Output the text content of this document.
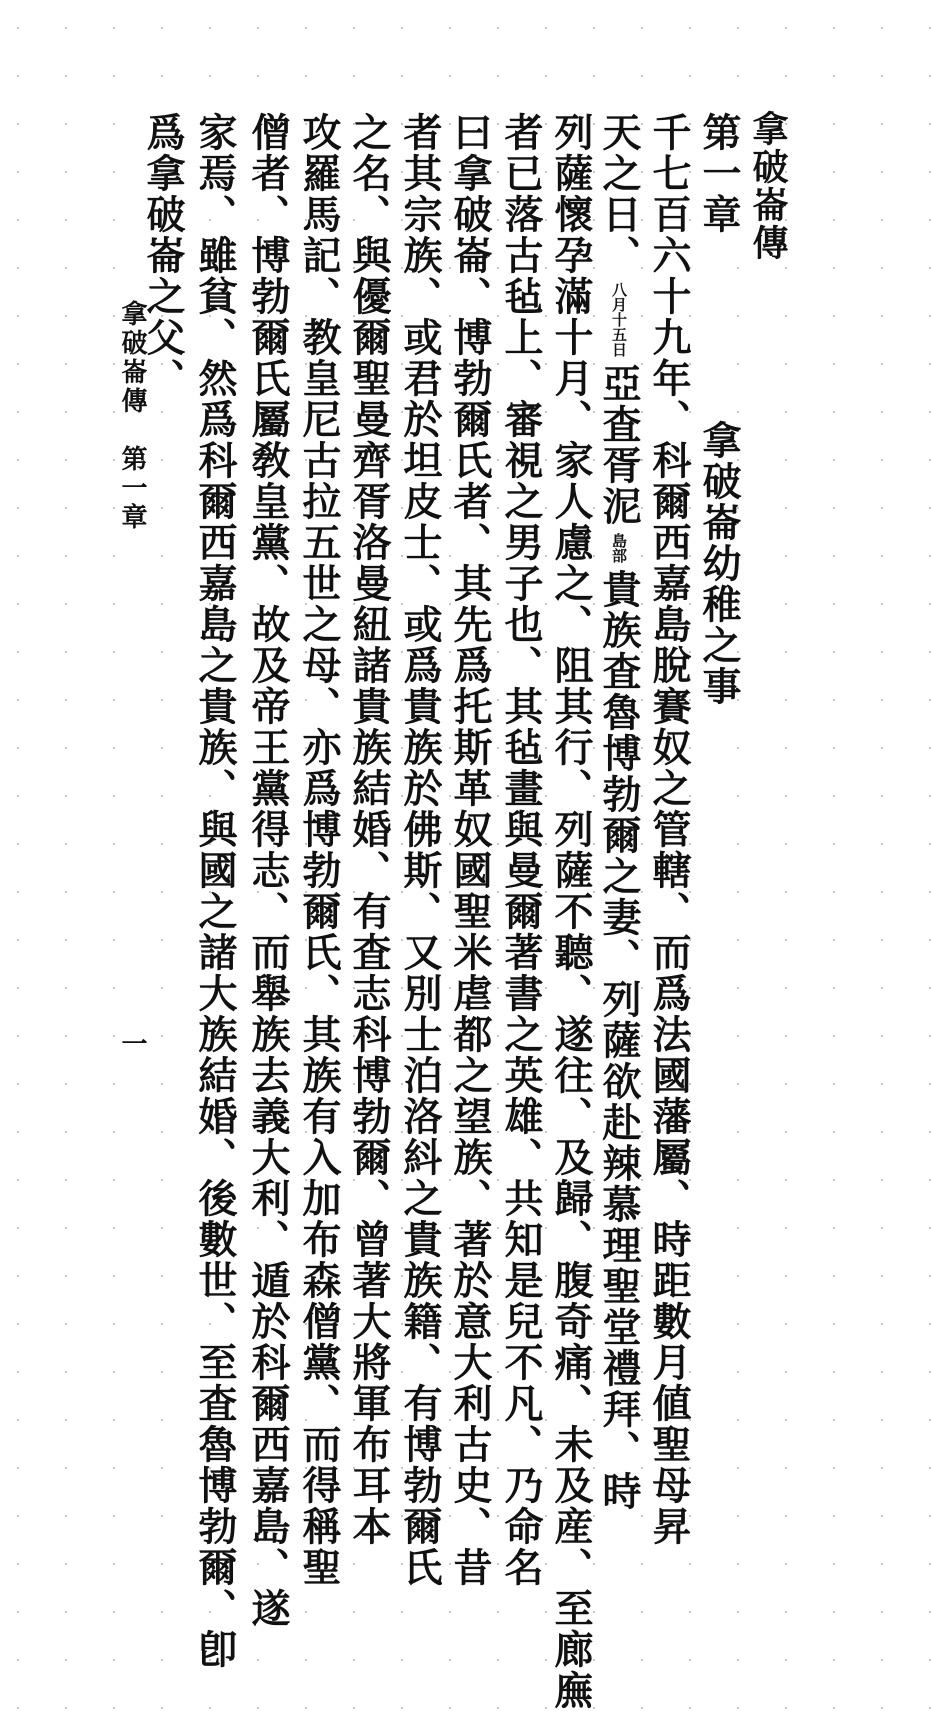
拿破崙傳
第一章
拿破崙幼稚之事
千七百六十九年、科爾西嘉島脫賽奴之管轄、而爲法國藩屬、時距數月値聖母昇
天之日、八月十五日亞査胥泥島部貴族査魯博勃爾之妻、列薩欲赴辣慕理聖堂禮拜、時
列薩懷孕滿十月、家人慮之、阻其行、列薩不聽、遂往、及歸、腹奇痛、未及産、至廊廡
者已落古毡上、審視之男子也、其毡畫與曼爾著書之英雄、共知是兒不凡、乃命名
曰拿破崙、博勃爾氏者、其先爲托斯革奴國聖米虐都之望族、著於意大利古史、昔
者其宗族、或君於坦皮士、或爲貴族於佛斯、又別士泊洛紏之貴族籍、有博勃爾氏
之名、與優爾聖曼齊胥洛曼紐諸貴族結婚、有査志科博勃爾、曾著大將軍布耳本
攻羅馬記、教皇尼古拉五世之母、亦爲博勃爾氏、其族有入加布森僧黨、而得稱聖
僧者、博勃爾氏屬敎皇黨、故及帝王黨得志、而舉族去義大利、遁於科爾西嘉島、遂
家焉、雖貧、然爲科爾西嘉島之貴族、與國之諸大族結婚、後數世、至査魯博勃爾、卽
爲拿破崙之父、
拿破崙傳　第一章
一
